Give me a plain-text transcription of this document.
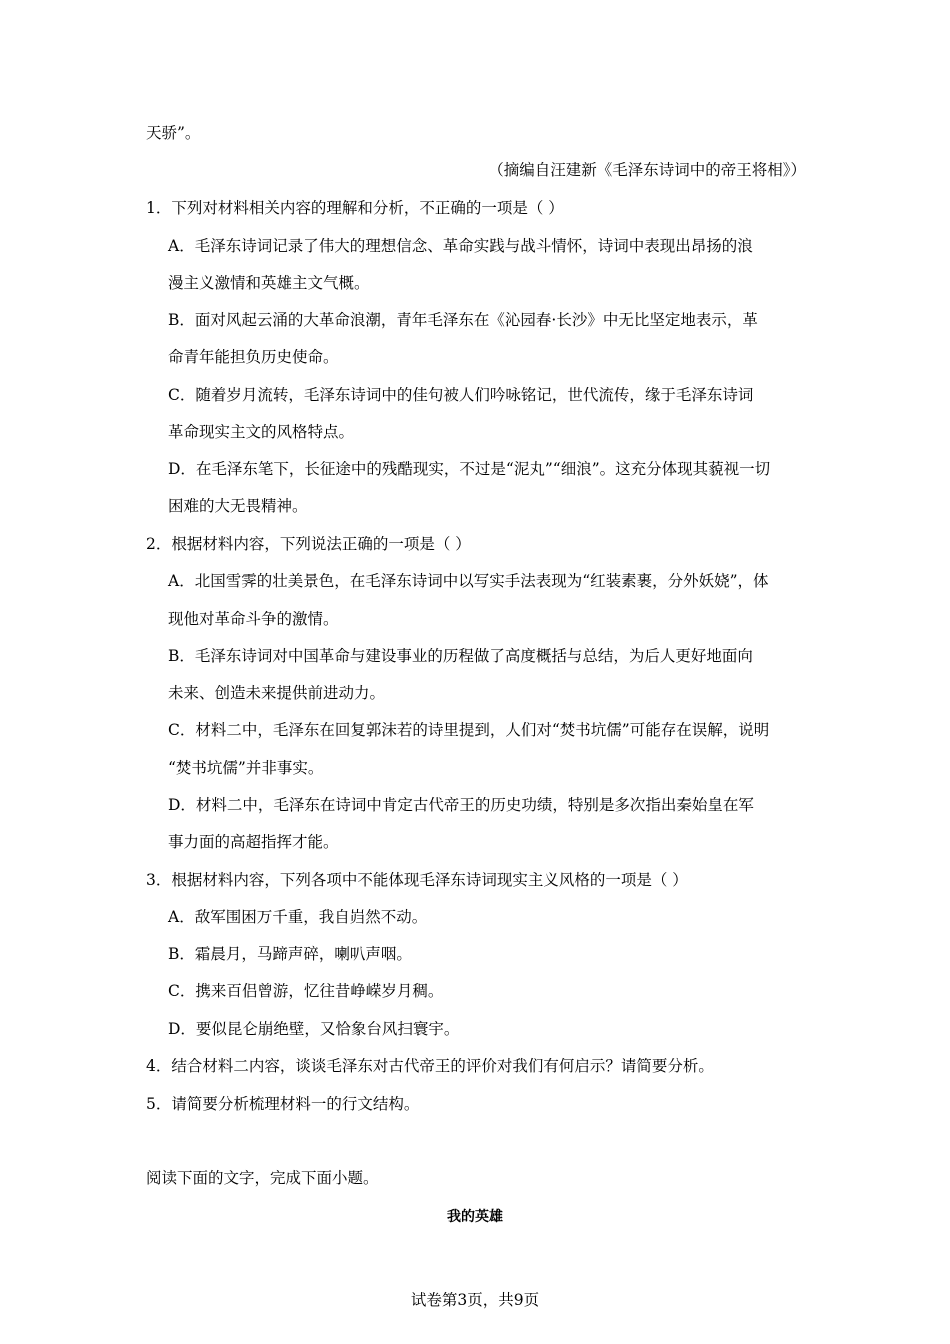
天骄”。
（摘编自汪建新《毛泽东诗词中的帝王将相》）
1．下列对材料相关内容的理解和分析，不正确的一项是（ ）
A．毛泽东诗词记录了伟大的理想信念、革命实践与战斗情怀，诗词中表现出昂扬的浪
漫主义激情和英雄主文气概。
B．面对风起云涌的大革命浪潮，青年毛泽东在《沁园春·长沙》中无比坚定地表示，革
命青年能担负历史使命。
C．随着岁月流转，毛泽东诗词中的佳句被人们吟咏铭记，世代流传，缘于毛泽东诗词
革命现实主文的风格特点。
D．在毛泽东笔下，长征途中的残酷现实，不过是“泥丸”“细浪”。这充分体现其藐视一切
困难的大无畏精神。
2．根据材料内容，下列说法正确的一项是（ ）
A．北国雪霁的壮美景色，在毛泽东诗词中以写实手法表现为“红装素裹，分外妖娆”，体
现他对革命斗争的激情。
B．毛泽东诗词对中国革命与建设事业的历程做了高度概括与总结，为后人更好地面向
未来、创造未来提供前进动力。
C．材料二中，毛泽东在回复郭沫若的诗里提到，人们对“焚书坑儒”可能存在误解，说明
“焚书坑儒”并非事实。
D．材料二中，毛泽东在诗词中肯定古代帝王的历史功绩，特别是多次指出秦始皇在军
事力面的高超指挥才能。
3．根据材料内容，下列各项中不能体现毛泽东诗词现实主义风格的一项是（ ）
A．敌军围困万千重，我自岿然不动。
B．霜晨月，马蹄声碎，喇叭声咽。
C．携来百侣曾游，忆往昔峥嵘岁月稠。
D．要似昆仑崩绝壁，又恰象台风扫寰宇。
4．结合材料二内容，谈谈毛泽东对古代帝王的评价对我们有何启示？请简要分析。
5．请简要分析梳理材料一的行文结构。
阅读下面的文字，完成下面小题。
我的英雄
试卷第3页，共9页
